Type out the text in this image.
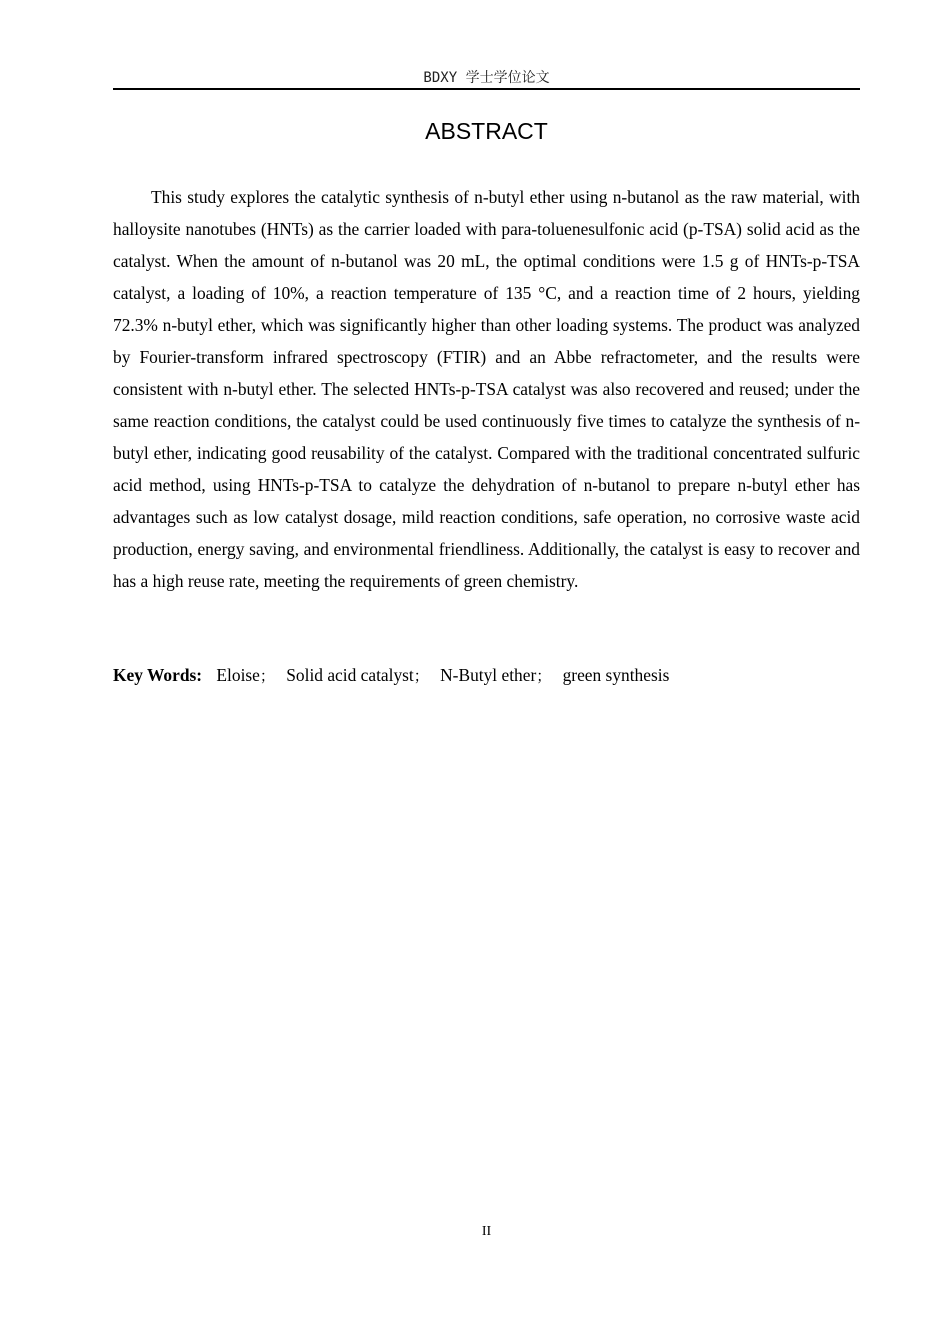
BDXY 学士学位论文
ABSTRACT

This study explores the catalytic synthesis of n-butyl ether using n-butanol as the raw material, with halloysite nanotubes (HNTs) as the carrier loaded with para-toluenesulfonic acid (p-TSA) solid acid as the catalyst. When the amount of n-butanol was 20 mL, the optimal conditions were 1.5 g of HNTs-p-TSA catalyst, a loading of 10%, a reaction temperature of 135 °C, and a reaction time of 2 hours, yielding 72.3% n-butyl ether, which was significantly higher than other loading systems. The product was analyzed by Fourier-transform infrared spectroscopy (FTIR) and an Abbe refractometer, and the results were consistent with n-butyl ether. The selected HNTs-p-TSA catalyst was also recovered and reused; under the same reaction conditions, the catalyst could be used continuously five times to catalyze the synthesis of n-butyl ether, indicating good reusability of the catalyst. Compared with the traditional concentrated sulfuric acid method, using HNTs-p-TSA to catalyze the dehydration of n-butanol to prepare n-butyl ether has advantages such as low catalyst dosage, mild reaction conditions, safe operation, no corrosive waste acid production, energy saving, and environmental friendliness. Additionally, the catalyst is easy to recover and has a high reuse rate, meeting the requirements of green chemistry.

Key Words: Eloise； Solid acid catalyst； N-Butyl ether； green synthesis
II
